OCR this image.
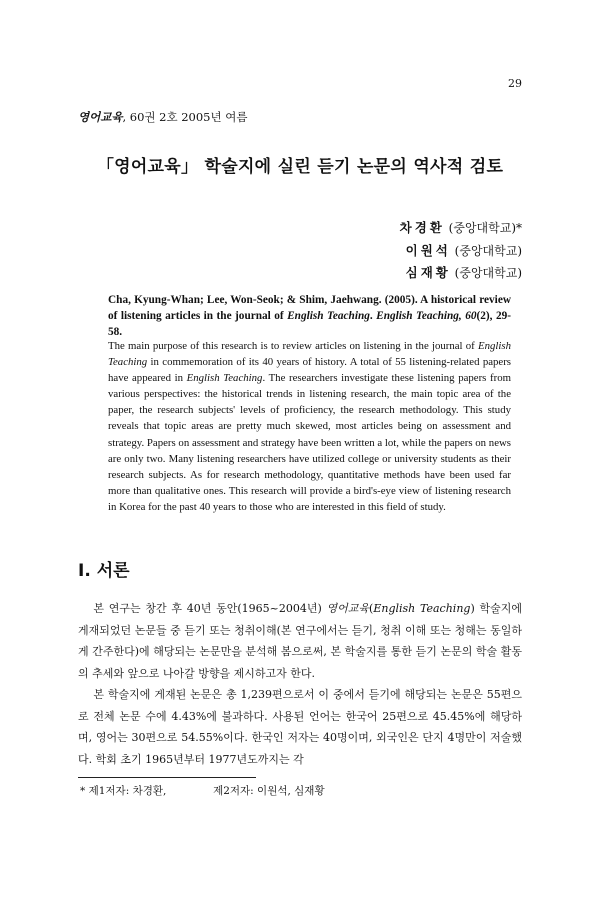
29
영어교육, 60권 2호 2005년 여름
「영어교육」 학술지에 실린 듣기 논문의 역사적 검토
차경환 (중앙대학교)*
이원석 (중앙대학교)
심재황 (중앙대학교)
Cha, Kyung-Whan; Lee, Won-Seok; & Shim, Jaehwang. (2005). A historical review of listening articles in the journal of English Teaching. English Teaching, 60(2), 29-58.
The main purpose of this research is to review articles on listening in the journal of English Teaching in commemoration of its 40 years of history. A total of 55 listening-related papers have appeared in English Teaching. The researchers investigate these listening papers from various perspectives: the historical trends in listening research, the main topic area of the paper, the research subjects' levels of proficiency, the research methodology. This study reveals that topic areas are pretty much skewed, most articles being on assessment and strategy. Papers on assessment and strategy have been written a lot, while the papers on news are only two. Many listening researchers have utilized college or university students as their research subjects. As for research methodology, quantitative methods have been used far more than qualitative ones. This research will provide a bird's-eye view of listening research in Korea for the past 40 years to those who are interested in this field of study.
I. 서론

본 연구는 창간 후 40년 동안(1965~2004년) 영어교육(English Teaching) 학술지에 게재되었던 논문들 중 듣기 또는 청취이해(본 연구에서는 듣기, 청취 이해 또는 청해는 동일하게 간주한다)에 해당되는 논문만을 분석해 봄으로써, 본 학술지를 통한 듣기 논문의 학술 활동의 추세와 앞으로 나아갈 방향을 제시하고자 한다.

본 학술지에 게재된 논문은 총 1,239편으로서 이 중에서 듣기에 해당되는 논문은 55편으로 전체 논문 수에 4.43%에 불과하다. 사용된 언어는 한국어 25편으로 45.45%에 해당하며, 영어는 30편으로 54.55%이다. 한국인 저자는 40명이며, 외국인은 단지 4명만이 저술했다. 학회 초기 1965년부터 1977년도까지는 각

* 제1저자: 차경환,              제2저자: 이원석, 심재황
